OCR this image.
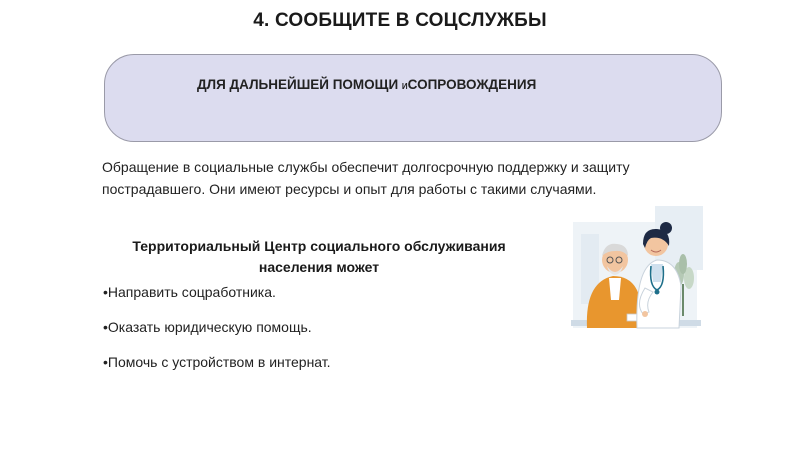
4. СООБЩИТЕ В СОЦСЛУЖБЫ
ДЛЯ ДАЛЬНЕЙШЕЙ ПОМОЩИ ИСОПРОВОЖДЕНИЯ
Обращение в социальные службы обеспечит долгосрочную поддержку и защиту пострадавшего. Они имеют ресурсы и опыт для работы с такими случаями.
Территориальный Центр социального обслуживания населения может
•Направить соцработника.
•Оказать юридическую помощь.
•Помочь с устройством в интернат.
